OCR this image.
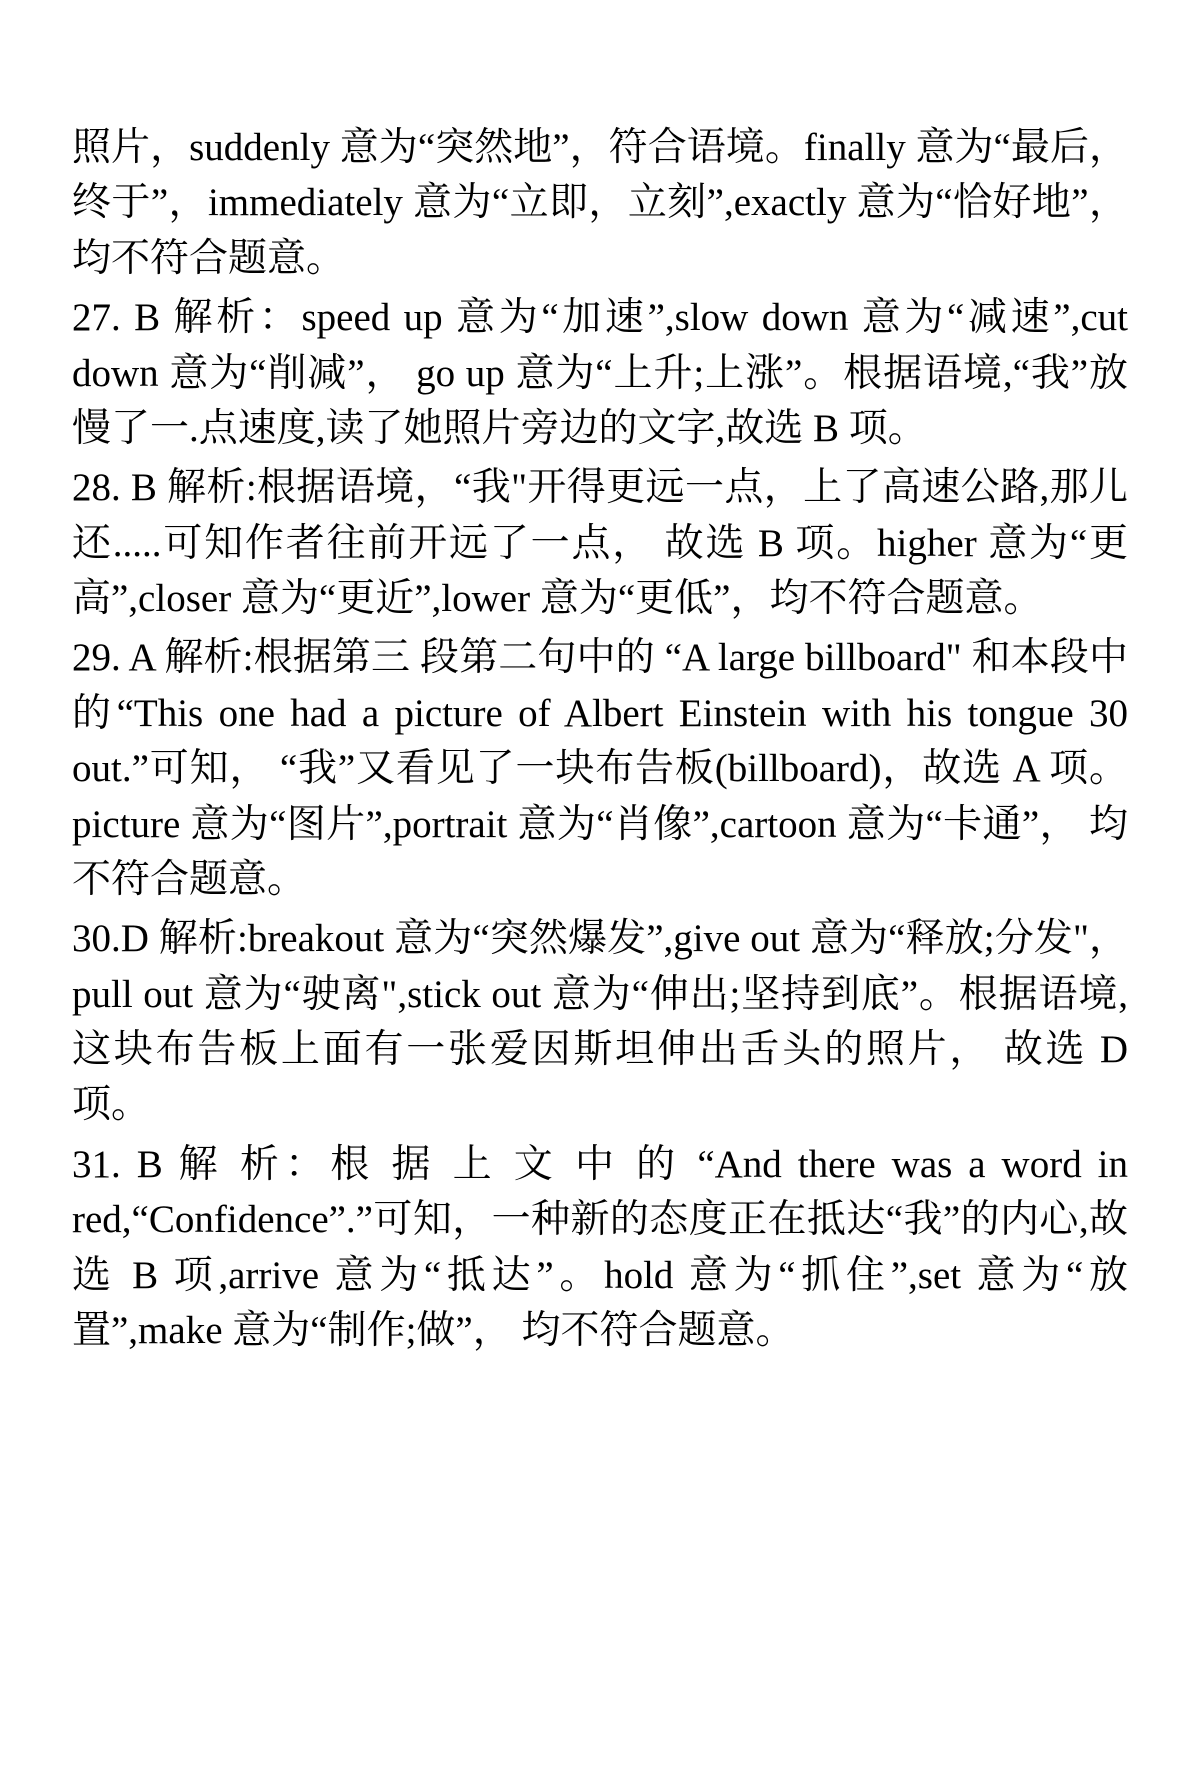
照片，suddenly 意为“突然地”，符合语境。finally 意为“最后，终于”，immediately 意为“立即，立刻”,exactly 意为“恰好地”， 均不符合题意。

27. B 解析：speed up 意为“加速”,slow down 意为“减速”,cut down 意为“削减”， go up 意为“上升;上涨”。根据语境,“我”放慢了一.点速度,读了她照片旁边的文字,故选 B 项。

28. B 解析:根据语境，“我"开得更远一点，上了高速公路,那儿还.....可知作者往前开远了一点， 故选 B 项。higher 意为“更高”,closer 意为“更近”,lower 意为“更低”，均不符合题意。

29. A 解析:根据第三 段第二句中的 “A large billboard" 和本段中的“This one had a picture of Albert Einstein with his tongue 30 out.”可知， “我”又看见了一块布告板(billboard)，故选 A 项。picture 意为“图片”,portrait 意为“肖像”,cartoon 意为“卡通”， 均不符合题意。

30.D 解析:breakout 意为“突然爆发”,give out 意为“释放;分发"，pull out 意为“驶离",stick out 意为“伸出;坚持到底”。根据语境,这块布告板上面有一张爱因斯坦伸出舌头的照片， 故选 D 项。

31. B 解 析：根 据 上 文 中 的 “And there was a word in red,“Confidence”.”可知，一种新的态度正在抵达“我”的内心,故选 B 项,arrive 意为“抵达”。hold 意为“抓住”,set 意为“放置”,make 意为“制作;做”， 均不符合题意。
